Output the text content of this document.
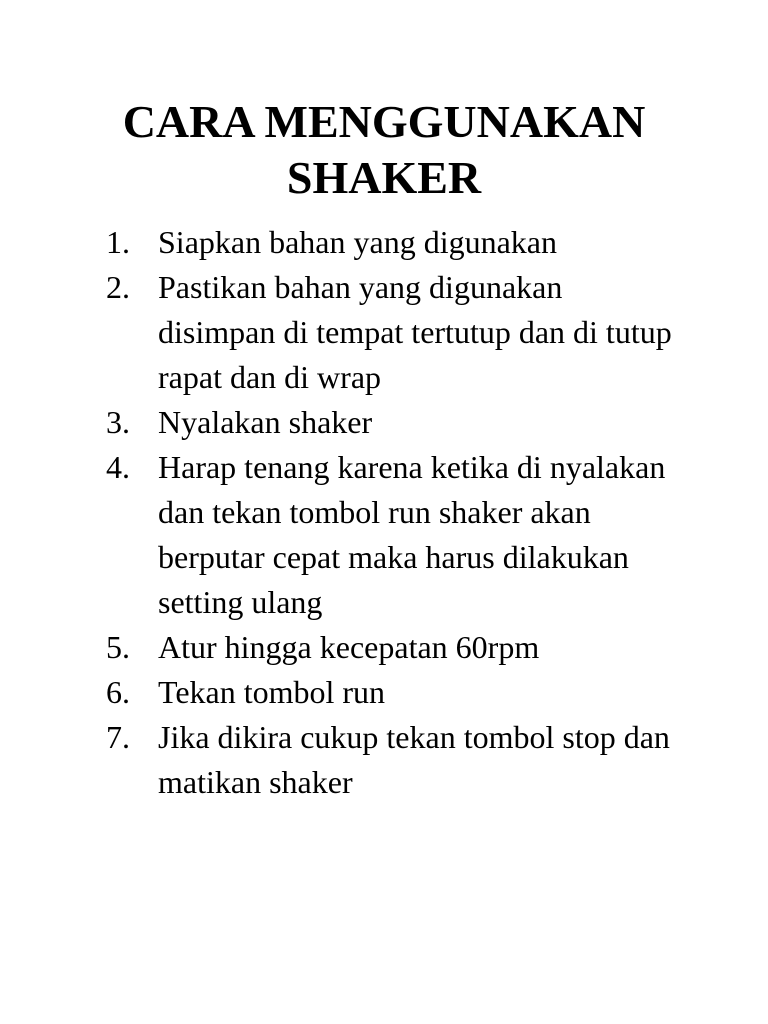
CARA MENGGUNAKAN
SHAKER
1. Siapkan bahan yang digunakan
2. Pastikan bahan yang digunakan disimpan di tempat tertutup dan di tutup rapat dan di wrap
3. Nyalakan shaker
4. Harap tenang karena ketika di nyalakan dan tekan tombol run shaker akan berputar cepat maka harus dilakukan setting ulang
5. Atur hingga kecepatan 60rpm
6. Tekan tombol run
7. Jika dikira cukup tekan tombol stop dan matikan shaker
